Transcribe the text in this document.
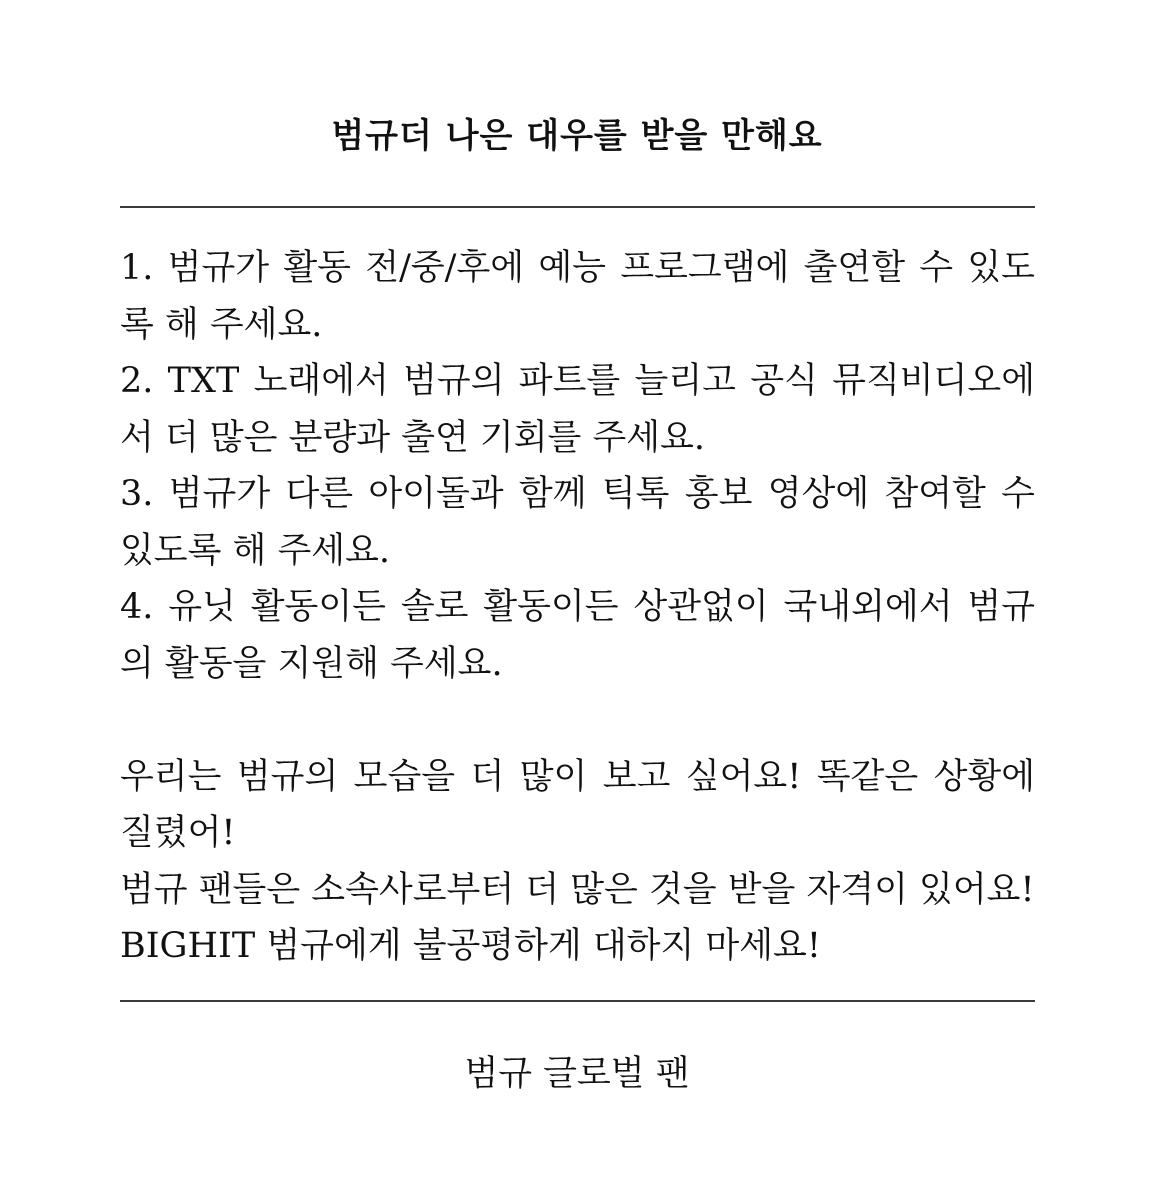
범규더 나은 대우를 받을 만해요

1. 범규가 활동 전/중/후에 예능 프로그램에 출연할 수 있도록 해 주세요.

2. TXT 노래에서 범규의 파트를 늘리고 공식 뮤직비디오에서 더 많은 분량과 출연 기회를 주세요.

3. 범규가 다른 아이돌과 함께 틱톡 홍보 영상에 참여할 수 있도록 해 주세요.

4. 유닛 활동이든 솔로 활동이든 상관없이 국내외에서 범규의 활동을 지원해 주세요.

우리는 범규의 모습을 더 많이 보고 싶어요! 똑같은 상황에 질렸어!

범규 팬들은 소속사로부터 더 많은 것을 받을 자격이 있어요!

BIGHIT 범규에게 불공평하게 대하지 마세요!

범규 글로벌 팬
